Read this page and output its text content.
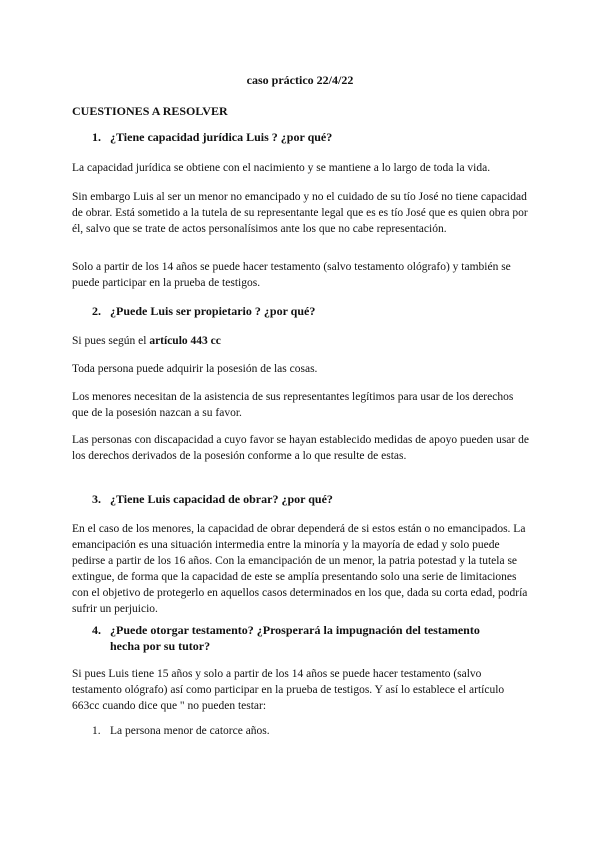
caso práctico 22/4/22
CUESTIONES A RESOLVER
1. ¿Tiene capacidad jurídica Luis ? ¿por qué?

La capacidad jurídica se obtiene con el nacimiento y se mantiene a lo largo de toda la vida.

Sin embargo Luis al ser un menor no emancipado y no el cuidado de su tío José no tiene capacidad de obrar. Está sometido a la tutela de su representante legal que es es tío José que es quien obra por él, salvo que se trate de actos personalísimos ante los que no cabe representación.

Solo a partir de los 14 años se puede hacer testamento (salvo testamento ológrafo) y también se puede participar en la prueba de testigos.

2. ¿Puede Luis ser propietario ? ¿por qué?

Si pues según el artículo 443 cc

Toda persona puede adquirir la posesión de las cosas.

Los menores necesitan de la asistencia de sus representantes legítimos para usar de los derechos que de la posesión nazcan a su favor.

Las personas con discapacidad a cuyo favor se hayan establecido medidas de apoyo pueden usar de los derechos derivados de la posesión conforme a lo que resulte de estas.

3. ¿Tiene Luis capacidad de obrar? ¿por qué?

En el caso de los menores, la capacidad de obrar dependerá de si estos están o no emancipados. La emancipación es una situación intermedia entre la minoría y la mayoría de edad y solo puede pedirse a partir de los 16 años. Con la emancipación de un menor, la patria potestad y la tutela se extingue, de forma que la capacidad de este se amplía presentando solo una serie de limitaciones con el objetivo de protegerlo en aquellos casos determinados en los que, dada su corta edad, podría sufrir un perjuicio.

4. ¿Puede otorgar testamento? ¿Prosperará la impugnación del testamento
hecha por su tutor?

Si pues Luis tiene 15 años y solo a partir de los 14 años se puede hacer testamento (salvo testamento ológrafo) así como participar en la prueba de testigos. Y así lo establece el artículo 663cc cuando dice que " no pueden testar:

1. La persona menor de catorce años.
